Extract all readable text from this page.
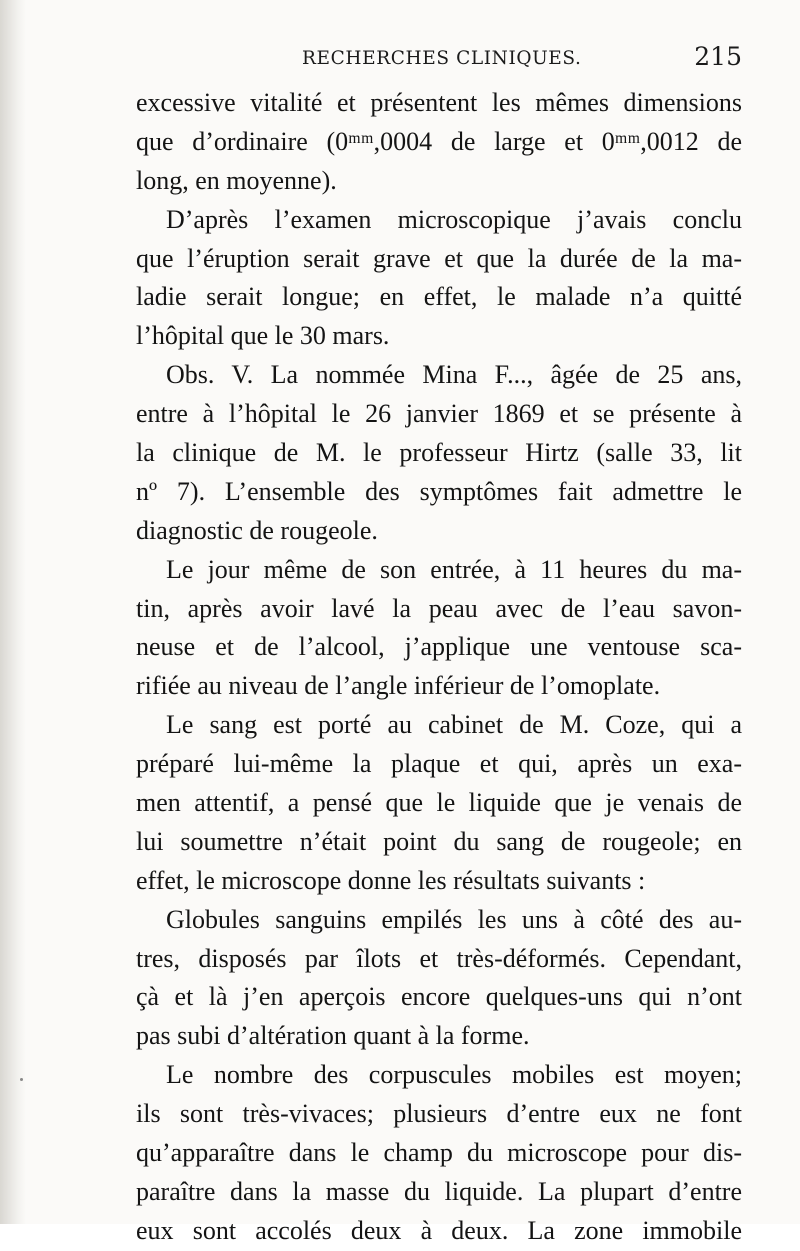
RECHERCHES CLINIQUES.	215
excessive vitalité et présentent les mêmes dimensions
que d’ordinaire (0ᵐᵐ,0004 de large et 0ᵐᵐ,0012 de
long, en moyenne).
D’après l’examen microscopique j’avais conclu
que l’éruption serait grave et que la durée de la ma-
ladie serait longue; en effet, le malade n’a quitté
l’hôpital que le 30 mars.
Obs. V. La nommée Mina F..., âgée de 25 ans,
entre à l’hôpital le 26 janvier 1869 et se présente à
la clinique de M. le professeur Hirtz (salle 33, lit
nº 7). L’ensemble des symptômes fait admettre le
diagnostic de rougeole.
Le jour même de son entrée, à 11 heures du ma-
tin, après avoir lavé la peau avec de l’eau savon-
neuse et de l’alcool, j’applique une ventouse sca-
rifiée au niveau de l’angle inférieur de l’omoplate.
Le sang est porté au cabinet de M. Coze, qui a
préparé lui-même la plaque et qui, après un exa-
men attentif, a pensé que le liquide que je venais de
lui soumettre n’était point du sang de rougeole; en
effet, le microscope donne les résultats suivants :
Globules sanguins empilés les uns à côté des au-
tres, disposés par îlots et très-déformés. Cependant,
çà et là j’en aperçois encore quelques-uns qui n’ont
pas subi d’altération quant à la forme.
Le nombre des corpuscules mobiles est moyen;
ils sont très-vivaces; plusieurs d’entre eux ne font
qu’apparaître dans le champ du microscope pour dis-
paraître dans la masse du liquide. La plupart d’entre
eux sont accolés deux à deux. La zone immobile
